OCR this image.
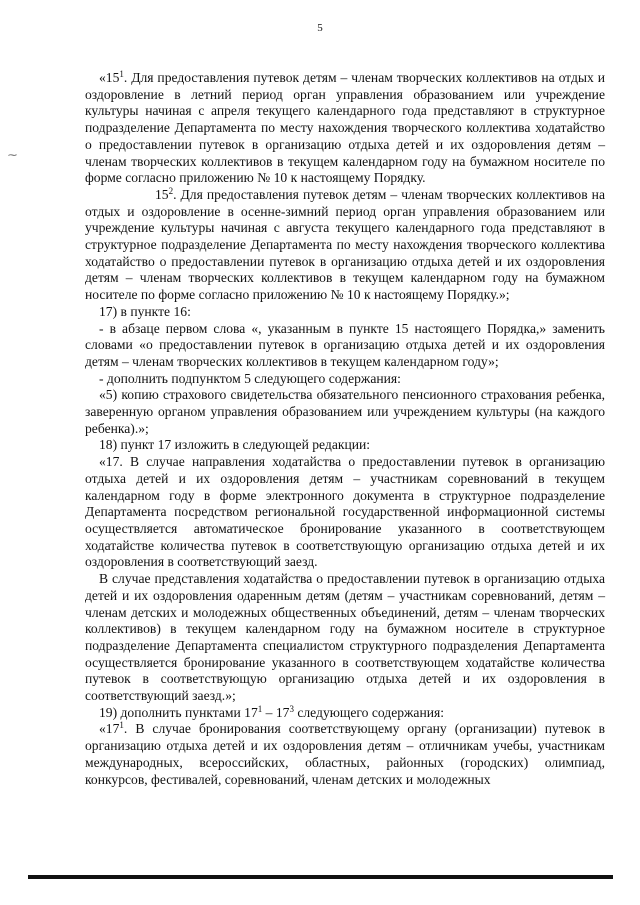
5
⁓

«$15^1$. Для предоставления путевок детям – членам творческих коллективов на отдых и оздоровление в летний период орган управления образованием или учреждение культуры начиная с апреля текущего календарного года представляют в структурное подразделение Департамента по месту нахождения творческого коллектива ходатайство о предоставлении путевок в организацию отдыха детей и их оздоровления детям – членам творческих коллективов в текущем календарном году на бумажном носителе по форме согласно приложению № 10 к настоящему Порядку.

$15^2$. Для предоставления путевок детям – членам творческих коллективов на отдых и оздоровление в осенне-зимний период орган управления образованием или учреждение культуры начиная с августа текущего календарного года представляют в структурное подразделение Департамента по месту нахождения творческого коллектива ходатайство о предоставлении путевок в организацию отдыха детей и их оздоровления детям – членам творческих коллективов в текущем календарном году на бумажном носителе по форме согласно приложению № 10 к настоящему Порядку.»;

17) в пункте 16:

- в абзаце первом слова «, указанным в пункте 15 настоящего Порядка,» заменить словами «о предоставлении путевок в организацию отдыха детей и их оздоровления детям – членам творческих коллективов в текущем календарном году»;

- дополнить подпунктом 5 следующего содержания:

«5) копию страхового свидетельства обязательного пенсионного страхования ребенка, заверенную органом управления образованием или учреждением культуры (на каждого ребенка).»;

18) пункт 17 изложить в следующей редакции:

«17. В случае направления ходатайства о предоставлении путевок в организацию отдыха детей и их оздоровления детям – участникам соревнований в текущем календарном году в форме электронного документа в структурное подразделение Департамента посредством региональной государственной информационной системы осуществляется автоматическое бронирование указанного в соответствующем ходатайстве количества путевок в соответствующую организацию отдыха детей и их оздоровления в соответствующий заезд.

В случае представления ходатайства о предоставлении путевок в организацию отдыха детей и их оздоровления одаренным детям (детям – участникам соревнований, детям – членам детских и молодежных общественных объединений, детям – членам творческих коллективов) в текущем календарном году на бумажном носителе в структурное подразделение Департамента специалистом структурного подразделения Департамента осуществляется бронирование указанного в соответствующем ходатайстве количества путевок в соответствующую организацию отдыха детей и их оздоровления в соответствующий заезд.»;

19) дополнить пунктами $17^1 - 17^3$ следующего содержания:

«$17^1$. В случае бронирования соответствующему органу (организации) путевок в организацию отдыха детей и их оздоровления детям – отличникам учебы, участникам международных, всероссийских, областных, районных (городских) олимпиад, конкурсов, фестивалей, соревнований, членам детских и молодежных
